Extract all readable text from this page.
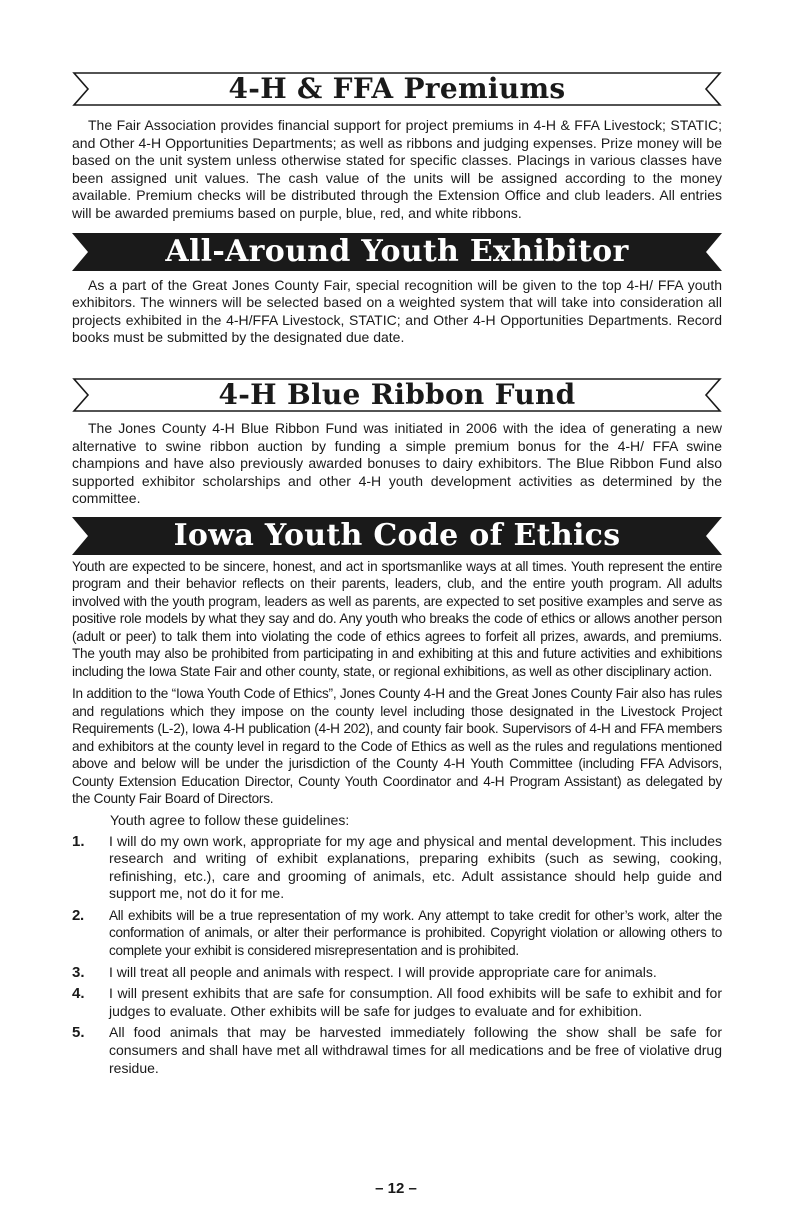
4-H & FFA Premiums

The Fair Association provides financial support for project premiums in 4-H & FFA Livestock; STATIC; and Other 4-H Opportunities Departments; as well as ribbons and judging expenses. Prize money will be based on the unit system unless otherwise stated for specific classes. Placings in various classes have been assigned unit values. The cash value of the units will be assigned according to the money available. Premium checks will be distributed through the Extension Office and club leaders. All entries will be awarded premiums based on purple, blue, red, and white ribbons.

All-Around Youth Exhibitor

As a part of the Great Jones County Fair, special recognition will be given to the top 4-H/ FFA youth exhibitors. The winners will be selected based on a weighted system that will take into consideration all projects exhibited in the 4-H/FFA Livestock, STATIC; and Other 4-H Opportunities Departments. Record books must be submitted by the designated due date.

4-H Blue Ribbon Fund

The Jones County 4-H Blue Ribbon Fund was initiated in 2006 with the idea of generating a new alternative to swine ribbon auction by funding a simple premium bonus for the 4-H/ FFA swine champions and have also previously awarded bonuses to dairy exhibitors. The Blue Ribbon Fund also supported exhibitor scholarships and other 4-H youth development activities as determined by the committee.

Iowa Youth Code of Ethics

Youth are expected to be sincere, honest, and act in sportsmanlike ways at all times. Youth represent the entire program and their behavior reflects on their parents, leaders, club, and the entire youth program. All adults involved with the youth program, leaders as well as parents, are expected to set positive examples and serve as positive role models by what they say and do. Any youth who breaks the code of ethics or allows another person (adult or peer) to talk them into violating the code of ethics agrees to forfeit all prizes, awards, and premiums. The youth may also be prohibited from participating in and exhibiting at this and future activities and exhibitions including the Iowa State Fair and other county, state, or regional exhibitions, as well as other disciplinary action.

In addition to the “Iowa Youth Code of Ethics”, Jones County 4-H and the Great Jones County Fair also has rules and regulations which they impose on the county level including those designated in the Livestock Project Requirements (L-2), Iowa 4-H publication (4-H 202), and county fair book. Supervisors of 4-H and FFA members and exhibitors at the county level in regard to the Code of Ethics as well as the rules and regulations mentioned above and below will be under the jurisdiction of the County 4-H Youth Committee (including FFA Advisors, County Extension Education Director, County Youth Coordinator and 4-H Program Assistant) as delegated by the County Fair Board of Directors.

Youth agree to follow these guidelines:
1. I will do my own work, appropriate for my age and physical and mental development. This includes research and writing of exhibit explanations, preparing exhibits (such as sewing, cooking, refinishing, etc.), care and grooming of animals, etc. Adult assistance should help guide and support me, not do it for me.
2. All exhibits will be a true representation of my work. Any attempt to take credit for other’s work, alter the conformation of animals, or alter their performance is prohibited. Copyright violation or allowing others to complete your exhibit is considered misrepresentation and is prohibited.
3. I will treat all people and animals with respect. I will provide appropriate care for animals.
4. I will present exhibits that are safe for consumption. All food exhibits will be safe to exhibit and for judges to evaluate. Other exhibits will be safe for judges to evaluate and for exhibition.
5. All food animals that may be harvested immediately following the show shall be safe for consumers and shall have met all withdrawal times for all medications and be free of violative drug residue.
– 12 –
